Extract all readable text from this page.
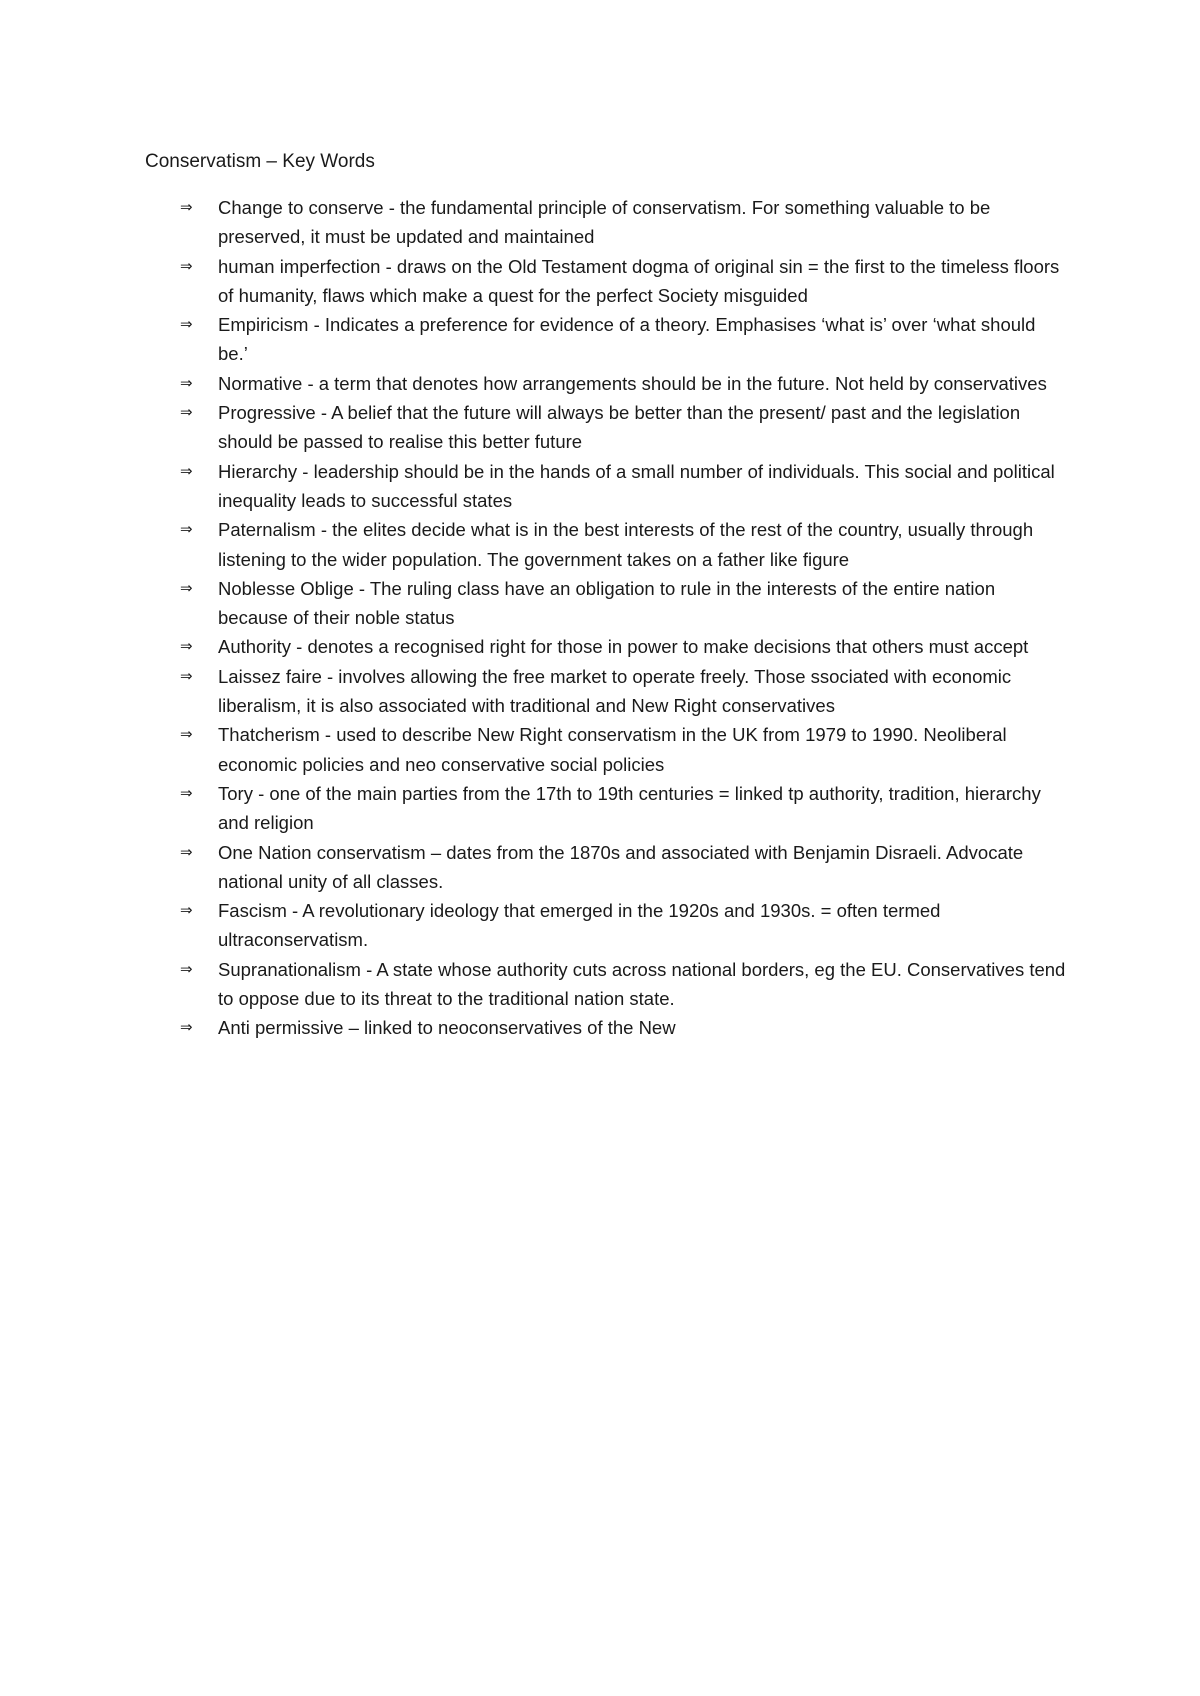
Conservatism – Key Words
⇒ Change to conserve - the fundamental principle of conservatism. For something valuable to be preserved, it must be updated and maintained
⇒ human imperfection - draws on the Old Testament dogma of original sin = the first to the timeless floors of humanity, flaws which make a quest for the perfect Society misguided
⇒ Empiricism - Indicates a preference for evidence of a theory. Emphasises ‘what is’ over ‘what should be.’
⇒ Normative - a term that denotes how arrangements should be in the future. Not held by conservatives
⇒ Progressive - A belief that the future will always be better than the present/ past and the legislation should be passed to realise this better future
⇒ Hierarchy - leadership should be in the hands of a small number of individuals. This social and political inequality leads to successful states
⇒ Paternalism - the elites decide what is in the best interests of the rest of the country, usually through listening to the wider population. The government takes on a father like figure
⇒ Noblesse Oblige - The ruling class have an obligation to rule in the interests of the entire nation because of their noble status
⇒ Authority - denotes a recognised right for those in power to make decisions that others must accept
⇒ Laissez faire - involves allowing the free market to operate freely. Those ssociated with economic liberalism, it is also associated with traditional and New Right conservatives
⇒ Thatcherism - used to describe New Right conservatism in the UK from 1979 to 1990. Neoliberal economic policies and neo conservative social policies
⇒ Tory - one of the main parties from the 17th to 19th centuries = linked tp authority, tradition, hierarchy and religion
⇒ One Nation conservatism – dates from the 1870s and associated with Benjamin Disraeli. Advocate national unity of all classes.
⇒ Fascism - A revolutionary ideology that emerged in the 1920s and 1930s. = often termed ultraconservatism.
⇒ Supranationalism - A state whose authority cuts across national borders, eg the EU. Conservatives tend to oppose due to its threat to the traditional nation state.
⇒ Anti permissive – linked to neoconservatives of the New
